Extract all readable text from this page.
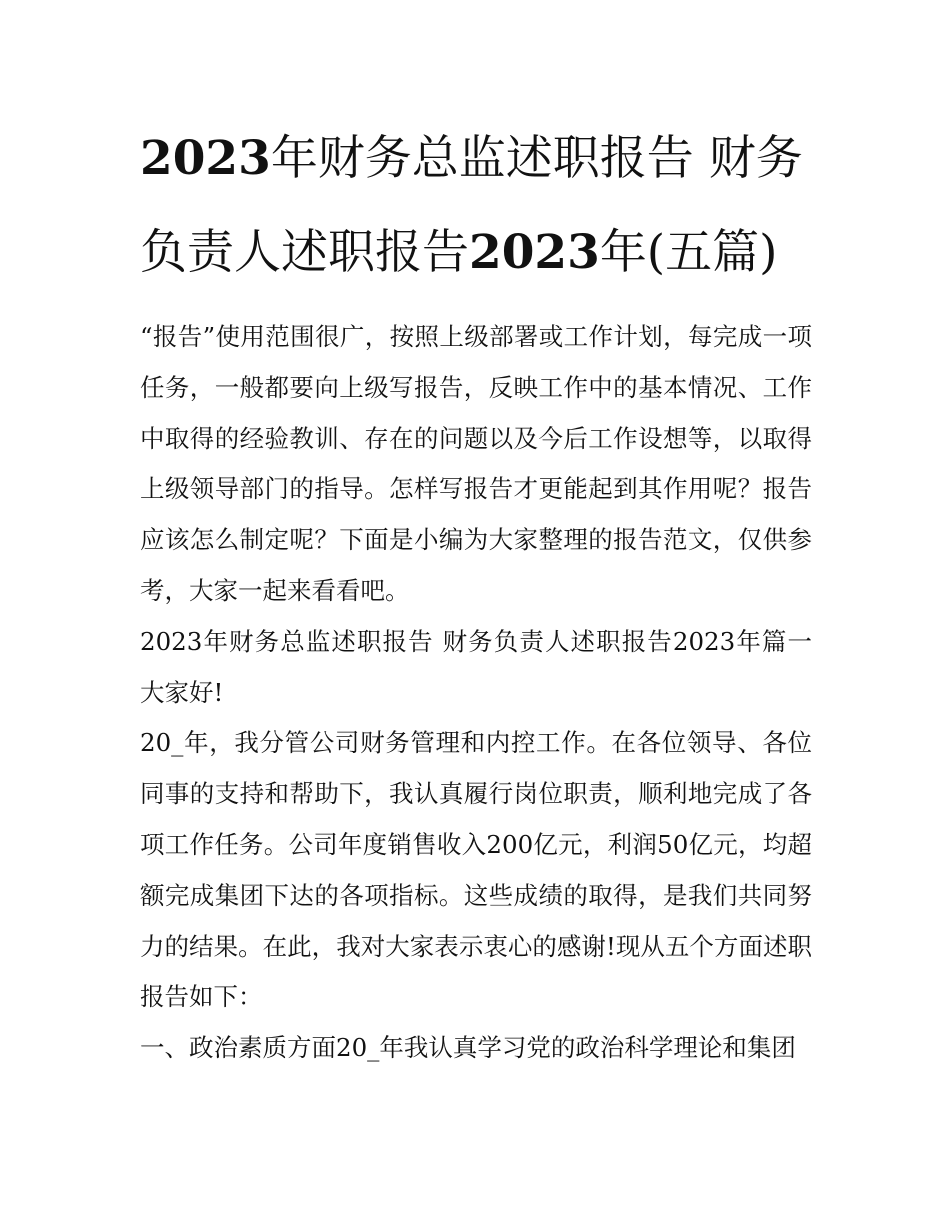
2023年财务总监述职报告 财务负责人述职报告2023年(五篇)

“报告”使用范围很广，按照上级部署或工作计划，每完成一项任务，一般都要向上级写报告，反映工作中的基本情况、工作中取得的经验教训、存在的问题以及今后工作设想等，以取得上级领导部门的指导。怎样写报告才更能起到其作用呢？报告应该怎么制定呢？下面是小编为大家整理的报告范文，仅供参考，大家一起来看看吧。

2023年财务总监述职报告 财务负责人述职报告2023年篇一 大家好!

20_年，我分管公司财务管理和内控工作。在各位领导、各位同事的支持和帮助下，我认真履行岗位职责，顺利地完成了各项工作任务。公司年度销售收入200亿元，利润50亿元，均超额完成集团下达的各项指标。这些成绩的取得，是我们共同努力的结果。在此，我对大家表示衷心的感谢!现从五个方面述职报告如下：

一、政治素质方面20_年我认真学习党的政治科学理论和集团
